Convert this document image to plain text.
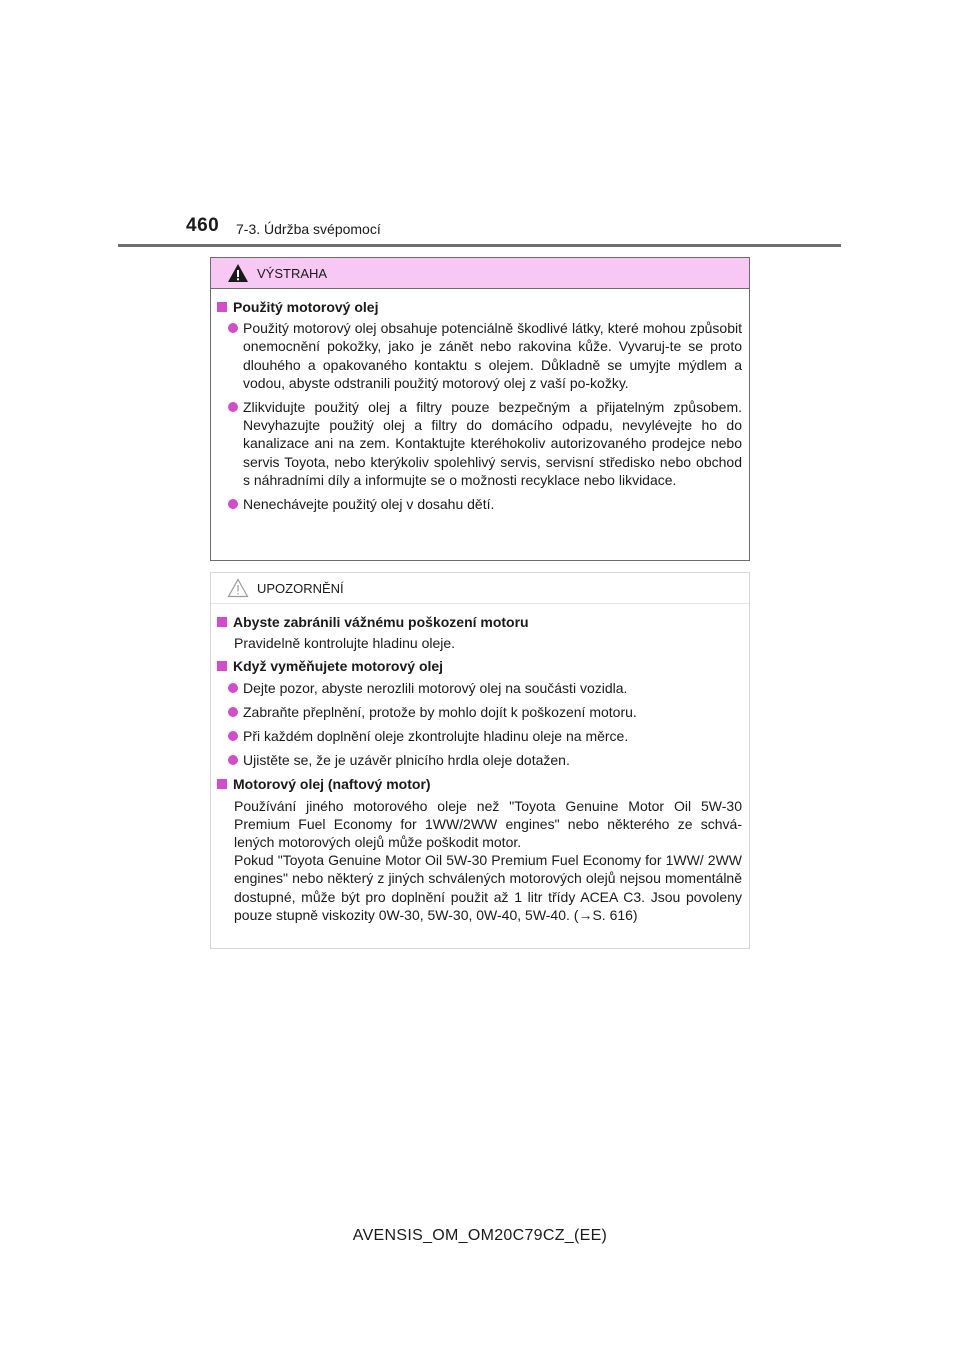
460 7-3. Údržba svépomocí
VÝSTRAHA
Použitý motorový olej
Použitý motorový olej obsahuje potenciálně škodlivé látky, které mohou způsobit onemocnění pokožky, jako je zánět nebo rakovina kůže. Vyvaruj-te se proto dlouhého a opakovaného kontaktu s olejem. Důkladně se umyjte mýdlem a vodou, abyste odstranili použitý motorový olej z vaší po-kožky.
Zlikvidujte použitý olej a filtry pouze bezpečným a přijatelným způsobem. Nevyhazujte použitý olej a filtry do domácího odpadu, nevylévejte ho do kanalizace ani na zem. Kontaktujte kteréhokoliv autorizovaného prodejce nebo servis Toyota, nebo kterýkoliv spolehlivý servis, servisní středisko nebo obchod s náhradními díly a informujte se o možnosti recyklace nebo likvidace.
Nenechávejte použitý olej v dosahu dětí.
UPOZORNĚNÍ
Abyste zabránili vážnému poškození motoru
Pravidelně kontrolujte hladinu oleje.
Když vyměňujete motorový olej
Dejte pozor, abyste nerozlili motorový olej na součásti vozidla.
Zabraňte přeplnění, protože by mohlo dojít k poškození motoru.
Při každém doplnění oleje zkontrolujte hladinu oleje na měrce.
Ujistěte se, že je uzávěr plnicího hrdla oleje dotažen.
Motorový olej (naftový motor)
Používání jiného motorového oleje než "Toyota Genuine Motor Oil 5W-30 Premium Fuel Economy for 1WW/2WW engines" nebo některého ze schvá-lených motorových olejů může poškodit motor.
Pokud "Toyota Genuine Motor Oil 5W-30 Premium Fuel Economy for 1WW/ 2WW engines" nebo některý z jiných schválených motorových olejů nejsou momentálně dostupné, může být pro doplnění použit až 1 litr třídy ACEA C3. Jsou povoleny pouze stupně viskozity 0W-30, 5W-30, 0W-40, 5W-40. (→S. 616)
AVENSIS_OM_OM20C79CZ_(EE)
